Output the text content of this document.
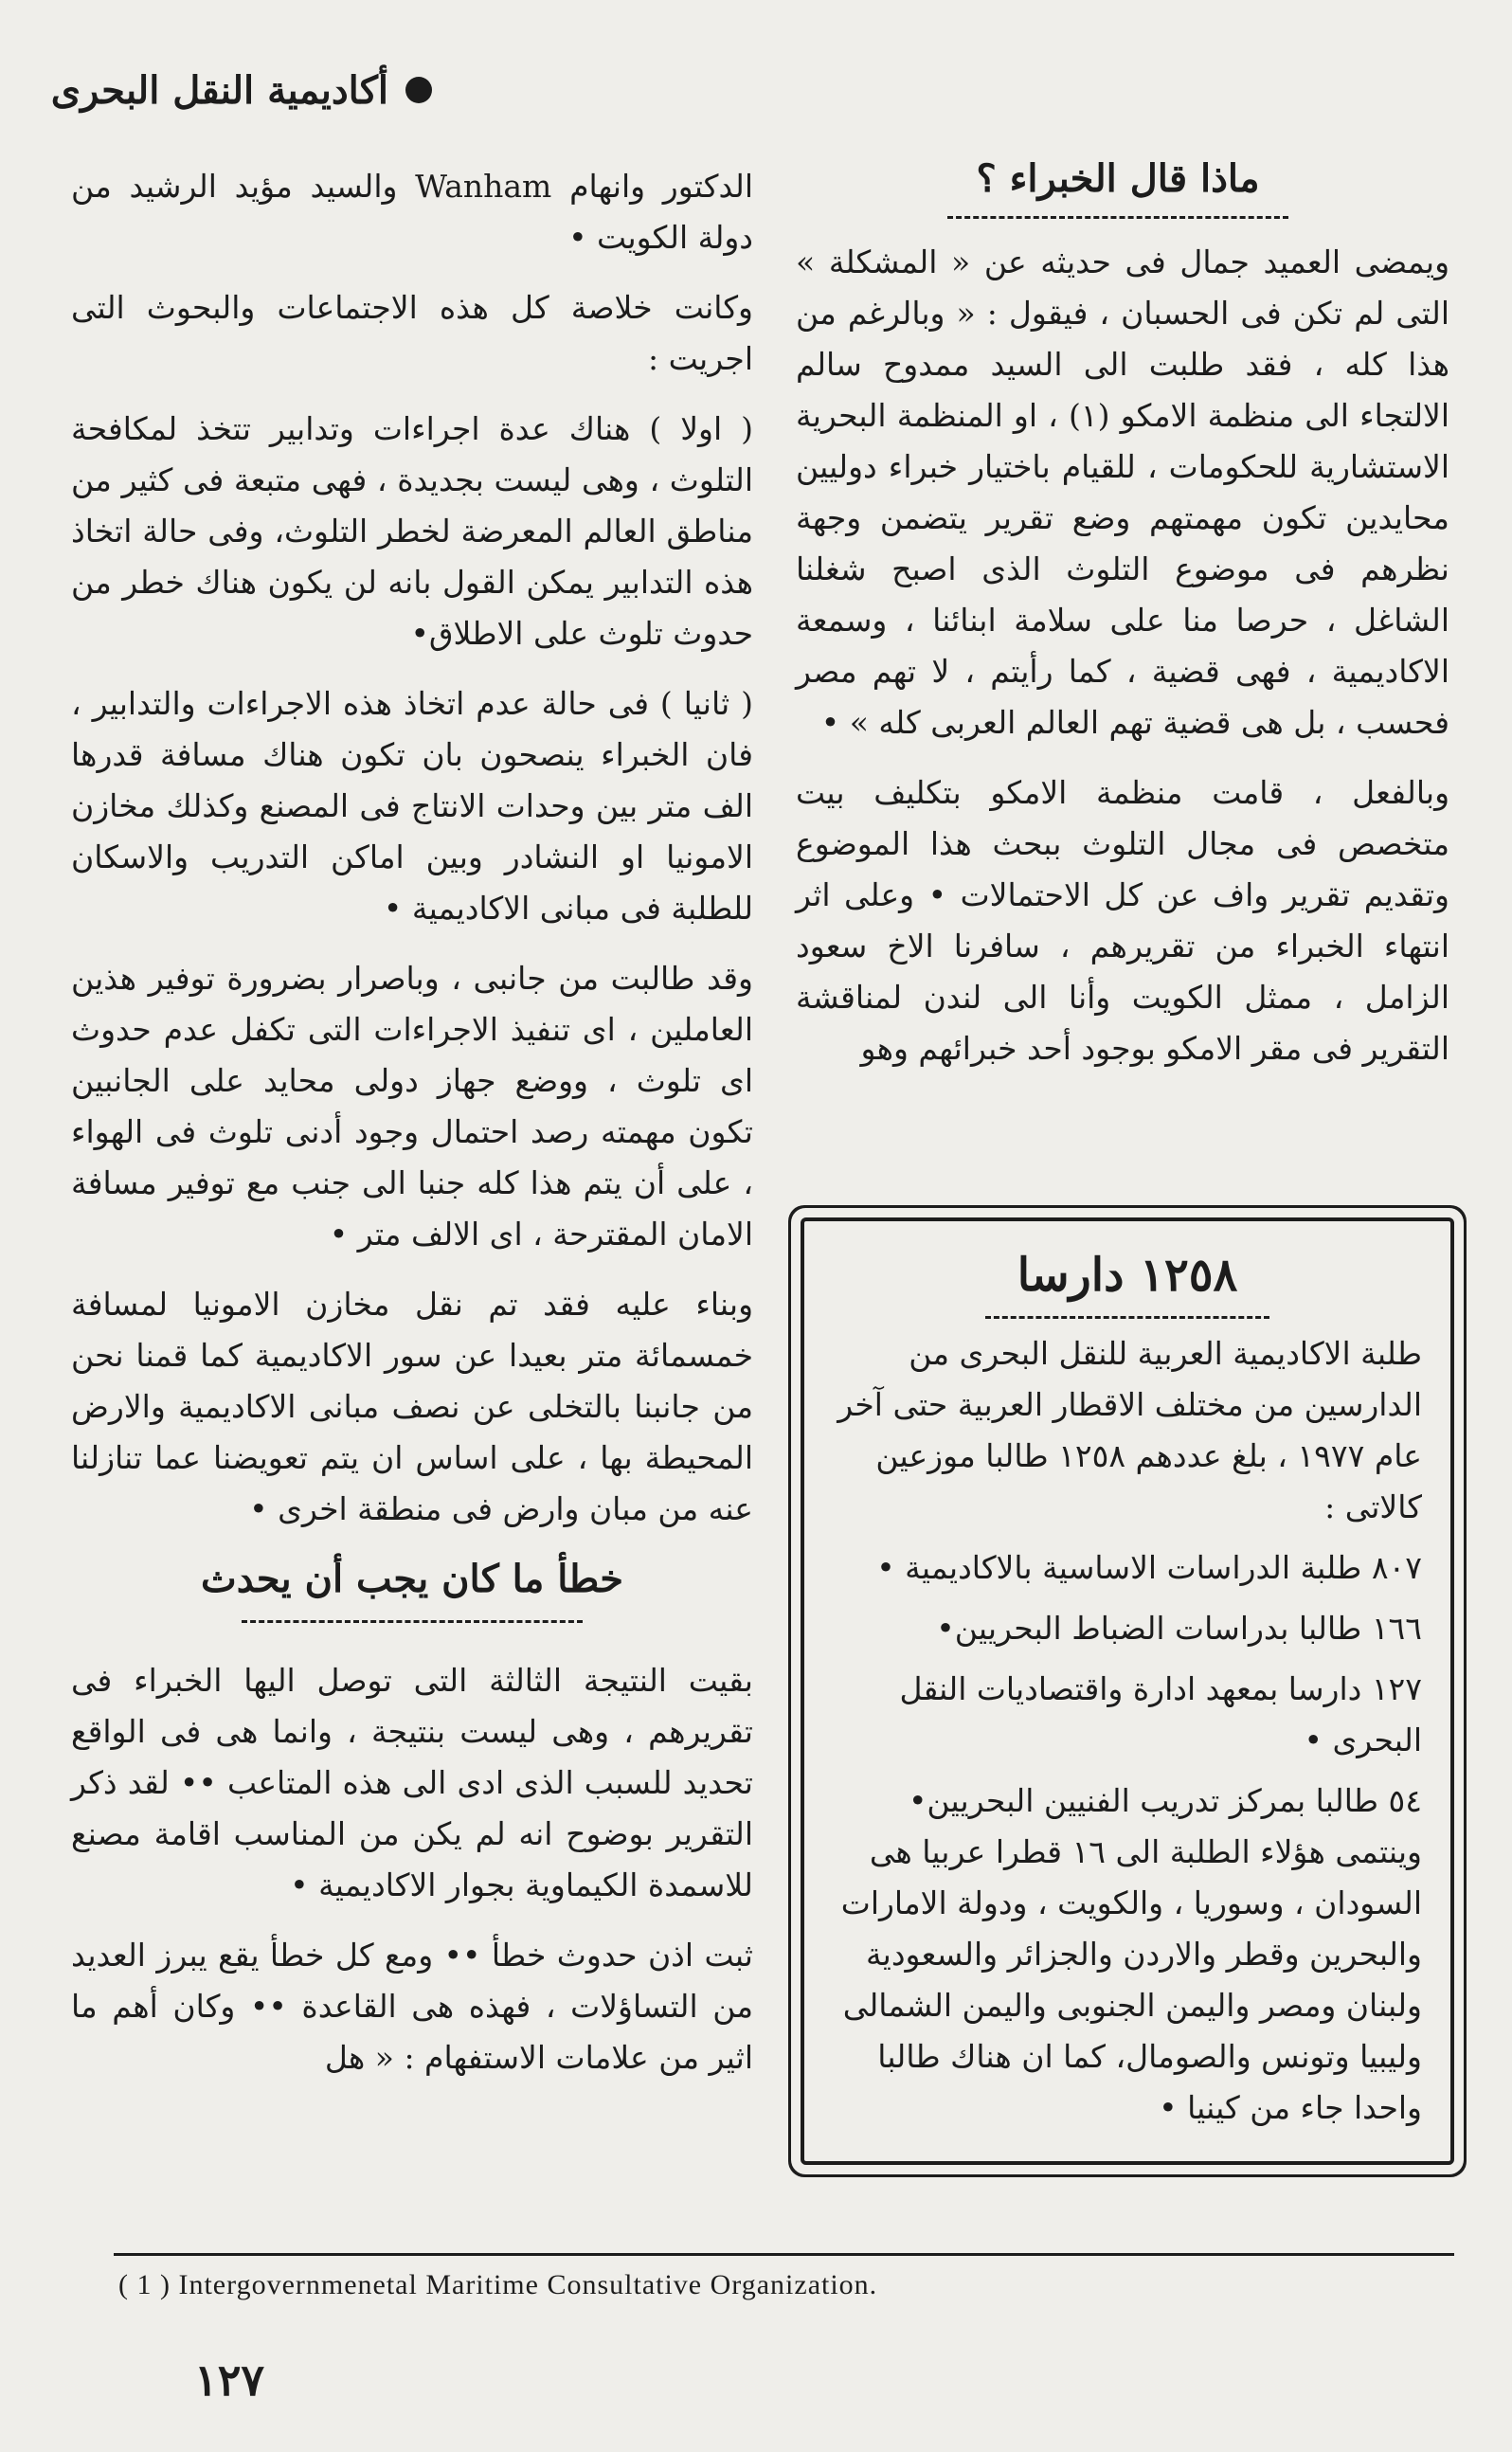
أكاديمية النقل البحرى
ماذا قال الخبراء ؟

ويمضى العميد جمال فى حديثه عن « المشكلة » التى لم تكن فى الحسبان ، فيقول : « وبالرغم من هذا كله ، فقد طلبت الى السيد ممدوح سالم الالتجاء الى منظمة الامكو (١) ، او المنظمة البحرية الاستشارية للحكومات ، للقيام باختيار خبراء دوليين محايدين تكون مهمتهم وضع تقرير يتضمن وجهة نظرهم فى موضوع التلوث الذى اصبح شغلنا الشاغل ، حرصا منا على سلامة ابنائنا ، وسمعة الاكاديمية ، فهى قضية ، كما رأيتم ، لا تهم مصر فحسب ، بل هى قضية تهم العالم العربى كله » •

وبالفعل ، قامت منظمة الامكو بتكليف بيت متخصص فى مجال التلوث ببحث هذا الموضوع وتقديم تقرير واف عن كل الاحتمالات • وعلى اثر انتهاء الخبراء من تقريرهم ، سافرنا الاخ سعود الزامل ، ممثل الكويت وأنا الى لندن لمناقشة التقرير فى مقر الامكو بوجود أحد خبرائهم وهو

الدكتور وانهام Wanham والسيد مؤيد الرشيد من دولة الكويت •

وكانت خلاصة كل هذه الاجتماعات والبحوث التى اجريت :

( اولا ) هناك عدة اجراءات وتدابير تتخذ لمكافحة التلوث ، وهى ليست بجديدة ، فهى متبعة فى كثير من مناطق العالم المعرضة لخطر التلوث، وفى حالة اتخاذ هذه التدابير يمكن القول بانه لن يكون هناك خطر من حدوث تلوث على الاطلاق•

( ثانيا ) فى حالة عدم اتخاذ هذه الاجراءات والتدابير ، فان الخبراء ينصحون بان تكون هناك مسافة قدرها الف متر بين وحدات الانتاج فى المصنع وكذلك مخازن الامونيا او النشادر وبين اماكن التدريب والاسكان للطلبة فى مبانى الاكاديمية •

وقد طالبت من جانبى ، وباصرار بضرورة توفير هذين العاملين ، اى تنفيذ الاجراءات التى تكفل عدم حدوث اى تلوث ، ووضع جهاز دولى محايد على الجانبين تكون مهمته رصد احتمال وجود أدنى تلوث فى الهواء ، على أن يتم هذا كله جنبا الى جنب مع توفير مسافة الامان المقترحة ، اى الالف متر •

وبناء عليه فقد تم نقل مخازن الامونيا لمسافة خمسمائة متر بعيدا عن سور الاكاديمية كما قمنا نحن من جانبنا بالتخلى عن نصف مبانى الاكاديمية والارض المحيطة بها ، على اساس ان يتم تعويضنا عما تنازلنا عنه من مبان وارض فى منطقة اخرى •

خطأ ما كان يجب أن يحدث

بقيت النتيجة الثالثة التى توصل اليها الخبراء فى تقريرهم ، وهى ليست بنتيجة ، وانما هى فى الواقع تحديد للسبب الذى ادى الى هذه المتاعب •• لقد ذكر التقرير بوضوح انه لم يكن من المناسب اقامة مصنع للاسمدة الكيماوية بجوار الاكاديمية •

ثبت اذن حدوث خطأ •• ومع كل خطأ يقع يبرز العديد من التساؤلات ، فهذه هى القاعدة •• وكان أهم ما اثير من علامات الاستفهام : « هل

١٢٥٨ دارسا

طلبة الاكاديمية العربية للنقل البحرى من الدارسين من مختلف الاقطار العربية حتى آخر عام ١٩٧٧ ، بلغ عددهم ١٢٥٨ طالبا موزعين كالاتى :

٨٠٧ طلبة الدراسات الاساسية بالاكاديمية •

١٦٦ طالبا بدراسات الضباط البحريين•

١٢٧ دارسا بمعهد ادارة واقتصاديات النقل البحرى •

٥٤ طالبا بمركز تدريب الفنيين البحريين• وينتمى هؤلاء الطلبة الى ١٦ قطرا عربيا هى السودان ، وسوريا ، والكويت ، ودولة الامارات والبحرين وقطر والاردن والجزائر والسعودية ولبنان ومصر واليمن الجنوبى واليمن الشمالى وليبيا وتونس والصومال، كما ان هناك طالبا واحدا جاء من كينيا •

( 1 ) Intergovernmenetal Maritime Consultative Organization.
١٢٧
